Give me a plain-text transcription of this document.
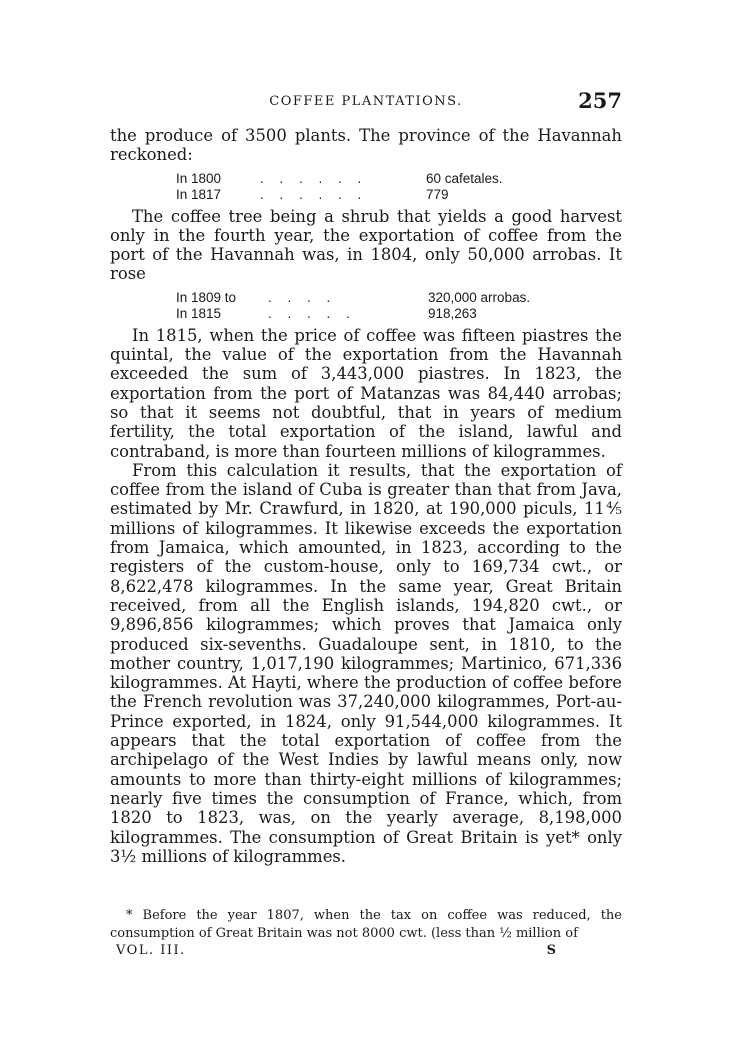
COFFEE PLANTATIONS.	257

the produce of 3500 plants. The province of the Havannah reckoned:

In 1800	. . . . . .	60 cafetales.
In 1817	. . . . . .	779

The coffee tree being a shrub that yields a good harvest only in the fourth year, the exportation of coffee from the port of the Havannah was, in 1804, only 50,000 arrobas. It rose

In 1809 to	. . . .	320,000 arrobas.
In 1815	. . . . .	918,263

In 1815, when the price of coffee was fifteen piastres the quintal, the value of the exportation from the Havannah exceeded the sum of 3,443,000 piastres. In 1823, the exportation from the port of Matanzas was 84,440 arrobas; so that it seems not doubtful, that in years of medium fertility, the total exportation of the island, lawful and contraband, is more than fourteen millions of kilogrammes.

From this calculation it results, that the exportation of coffee from the island of Cuba is greater than that from Java, estimated by Mr. Crawfurd, in 1820, at 190,000 piculs, 11⅘ millions of kilogrammes. It likewise exceeds the exportation from Jamaica, which amounted, in 1823, according to the registers of the custom-house, only to 169,734 cwt., or 8,622,478 kilogrammes. In the same year, Great Britain received, from all the English islands, 194,820 cwt., or 9,896,856 kilogrammes; which proves that Jamaica only produced six-sevenths. Guadaloupe sent, in 1810, to the mother country, 1,017,190 kilogrammes; Martinico, 671,336 kilogrammes. At Hayti, where the production of coffee before the French revolution was 37,240,000 kilogrammes, Port-au-Prince exported, in 1824, only 91,544,000 kilogrammes. It appears that the total exportation of coffee from the archipelago of the West Indies by lawful means only, now amounts to more than thirty-eight millions of kilogrammes; nearly five times the consumption of France, which, from 1820 to 1823, was, on the yearly average, 8,198,000 kilogrammes. The consumption of Great Britain is yet* only 3½ millions of kilogrammes.

* Before the year 1807, when the tax on coffee was reduced, the consumption of Great Britain was not 8000 cwt. (less than ½ million of
VOL. III.	S
